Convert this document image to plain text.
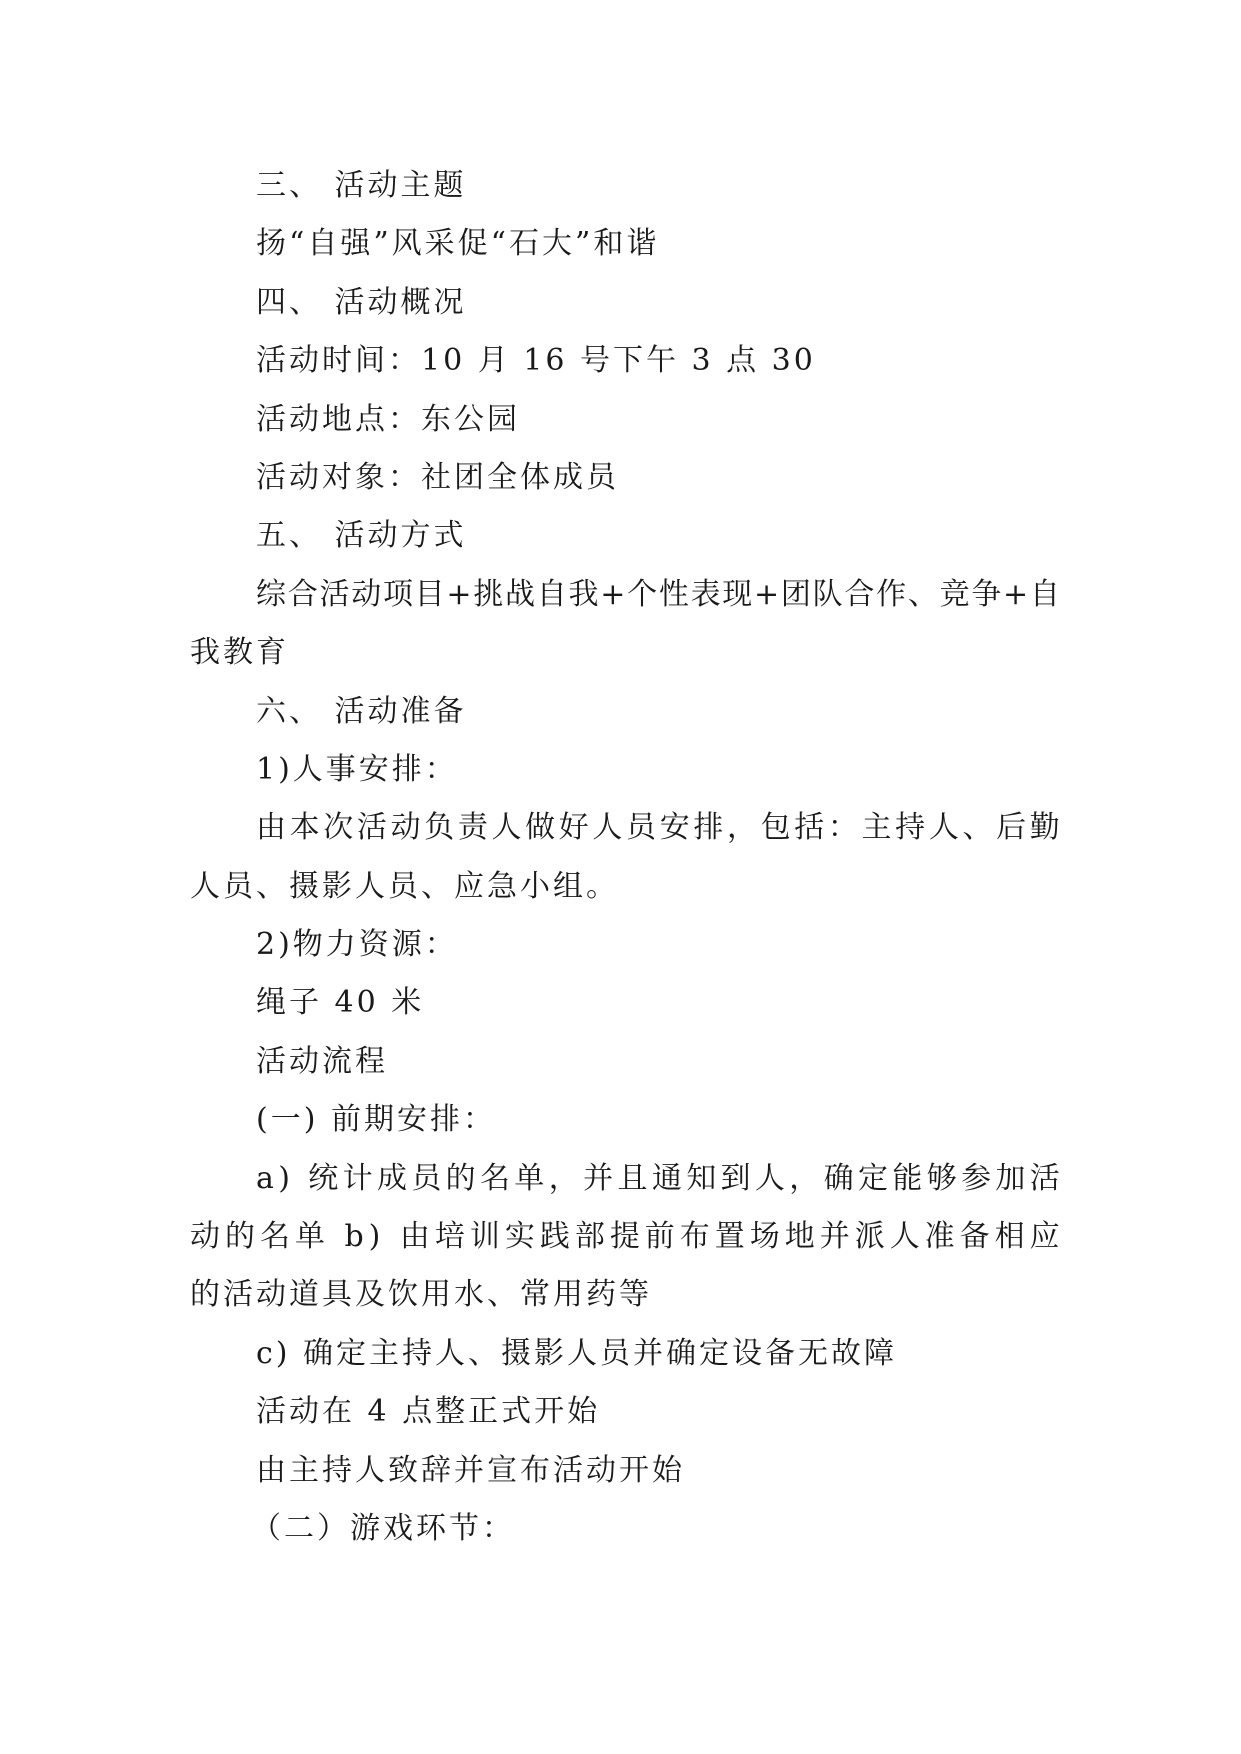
三、 活动主题
扬“自强”风采促“石大”和谐
四、 活动概况
活动时间：10 月 16 号下午 3 点 30
活动地点：东公园
活动对象：社团全体成员
五、 活动方式
综 合 活 动 项 目 + 挑 战 自 我 + 个 性 表 现 + 团 队 合 作 、 竞 争 + 自
我教育
六、 活动准备
1)人事安排：
由 本 次 活 动 负 责 人 做 好 人 员 安 排 ， 包 括 ： 主 持 人 、 后 勤
人员、摄影人员、应急小组。
2)物力资源：
绳子 40 米
活动流程
(一) 前期安排：
a )
统 计 成 员 的 名 单 ， 并 且 通 知 到 人 ， 确 定 能 够 参 加 活
动 的 名 单
b )
由 培 训 实 践 部 提 前 布 置 场 地 并 派 人 准 备 相 应
的活动道具及饮用水、常用药等
c) 确定主持人、摄影人员并确定设备无故障
活动在 4 点整正式开始
由主持人致辞并宣布活动开始
（二）游戏环节：
